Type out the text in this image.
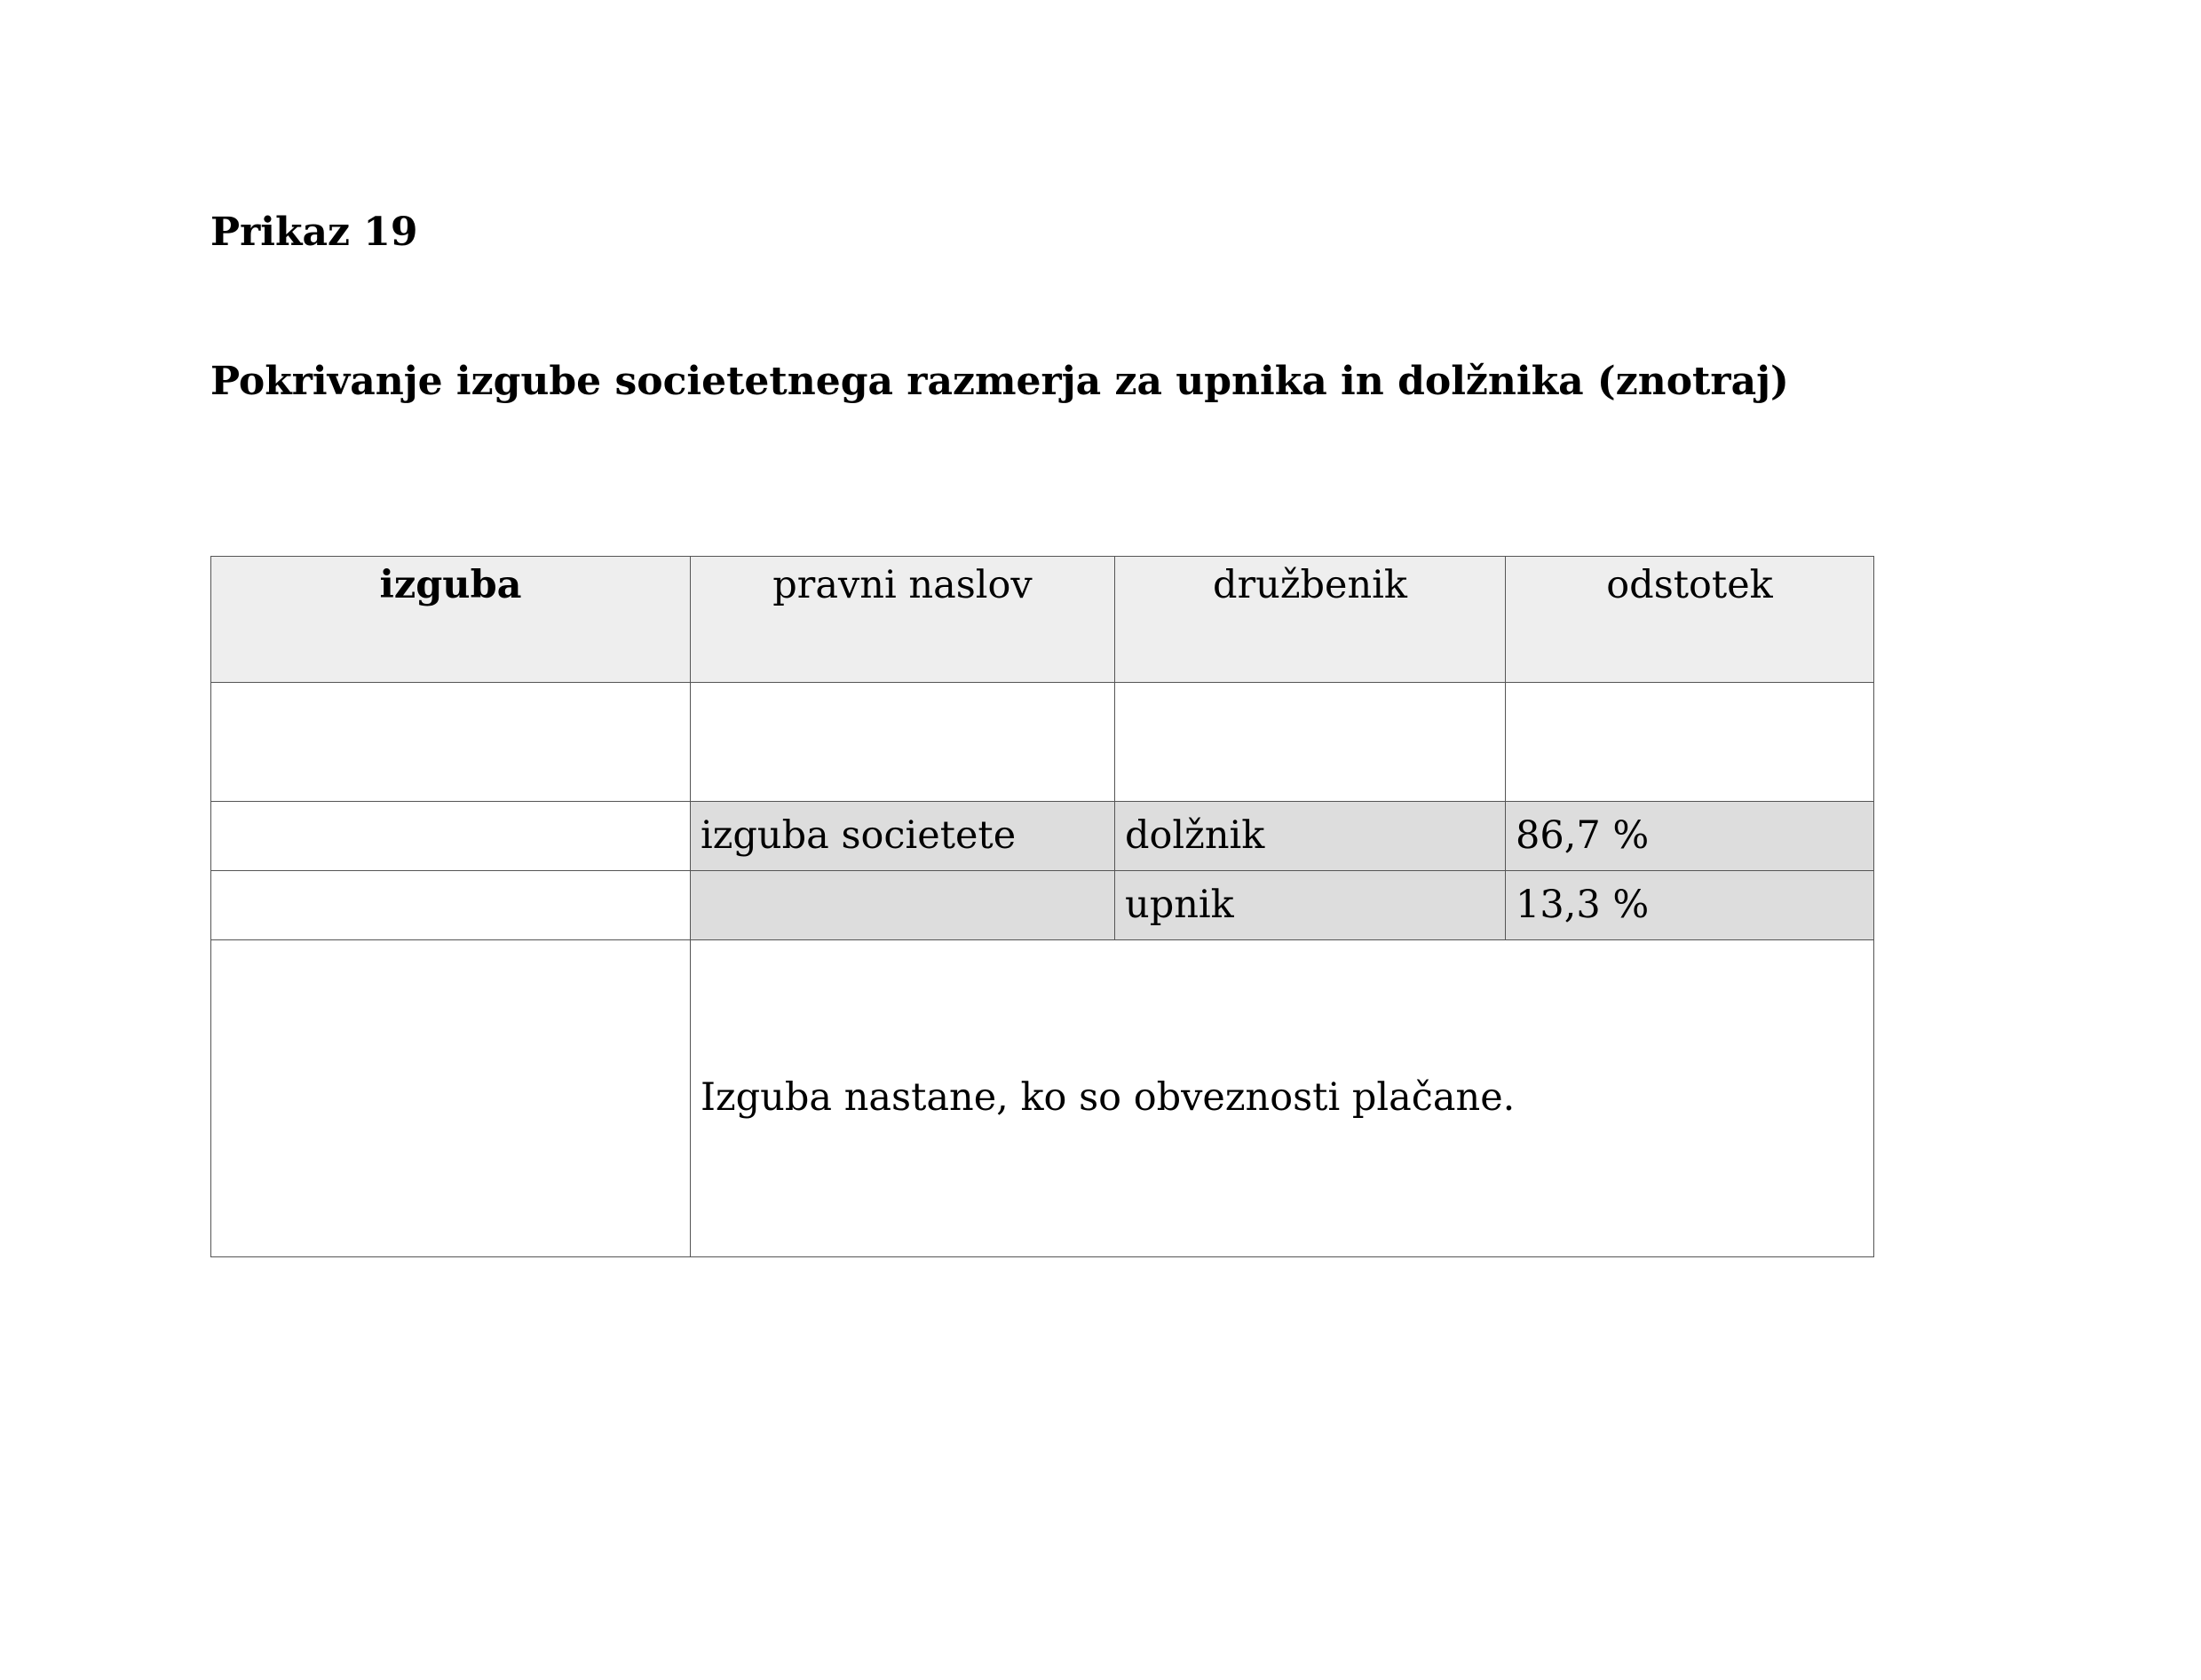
Prikaz 19
Pokrivanje izgube societetnega razmerja za upnika in dolžnika (znotraj)
izguba	pravni naslov	družbenik	odstotek

	izguba societete	dolžnik	86,7 %
		upnik	13,3 %
	Izguba nastane, ko so obveznosti plačane.		
